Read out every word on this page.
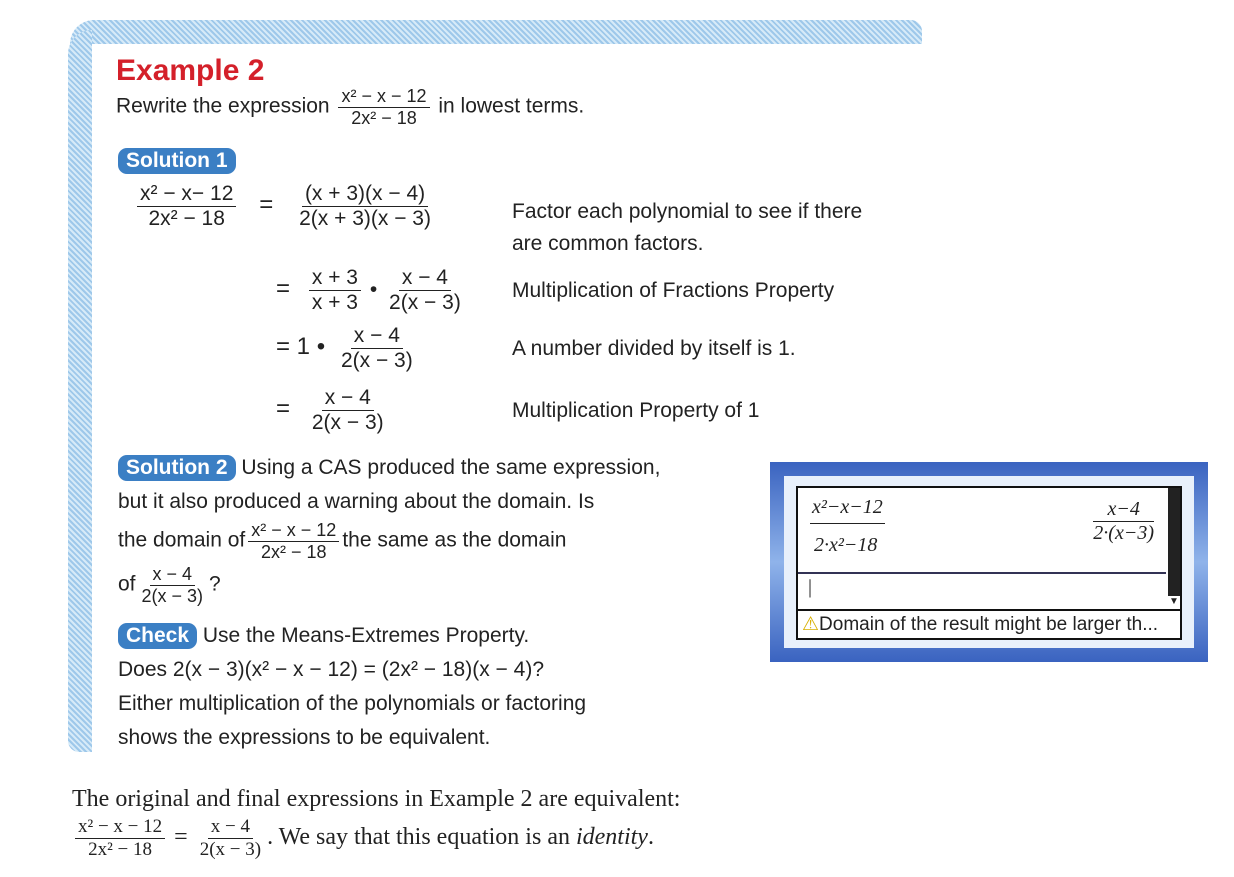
Example 2
Rewrite the expression $\frac{\text{x² − x − 12}}{\text{2x² − 18}}$ in lowest terms.
Solution 1
$\frac{\text{x² − x− 12}}{\text{2x² − 18}} = \frac{(x + 3)(x - 4)}{2(x + 3)(x - 3)}$	Factor each polynomial to see if there
are common factors.
= $\frac{x + 3}{x + 3}$ • $\frac{x - 4}{2(x - 3)}$ Multiplication of Fractions Property
= 1 • $\frac{x - 4}{2(x - 3)}$	A number divided by itself is 1.
= $\frac{x - 4}{2(x - 3)}$	Multiplication Property of 1
Solution 2 Using a CAS produced the same expression,
but it also produced a warning about the domain. Is
the domain of $\frac{\text{x² − x − 12}}{\text{2x² − 18}}$ the same as the domain
of $\frac{x - 4}{2(x - 3)}$ ?
Check Use the Means-Extremes Property.
Does 2(x − 3)(x² − x − 12) = (2x² − 18)(x − 4)?
Either multiplication of the polynomials or factoring
shows the expressions to be equivalent.
$\frac{\text{x²−x−12}}{\text{2·x²−18}}$	$\frac{x-4}{2\cdot(x-3)}$
|
▼
⚠Domain of the result might be larger th...
The original and final expressions in Example 2 are equivalent:
$\frac{\text{x² − x − 12}}{\text{2x² − 18}} = \frac{x - 4}{2(x - 3)}$ . We say that this equation is an identity.
